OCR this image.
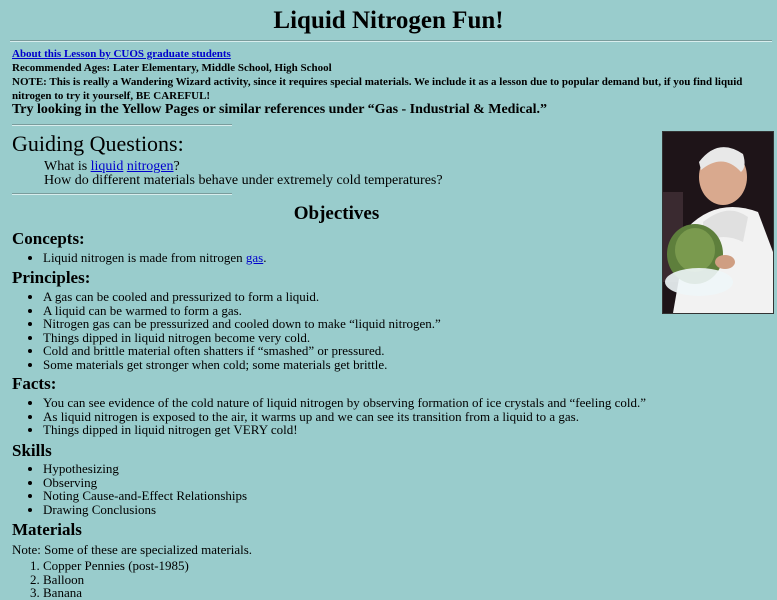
Liquid Nitrogen Fun!

About this Lesson by CUOS graduate students

Recommended Ages: Later Elementary, Middle School, High School

NOTE: This is really a Wandering Wizard activity, since it requires special materials. We include it as a lesson due to popular demand but, if you find liquid nitrogen to try it yourself, BE CAREFUL!

Try looking in the Yellow Pages or similar references under “Gas - Industrial & Medical.”
Guiding Questions:
What is liquid nitrogen?
How do different materials behave under extremely cold temperatures?
Objectives
Concepts:
• Liquid nitrogen is made from nitrogen gas.
Principles:
• A gas can be cooled and pressurized to form a liquid.
• A liquid can be warmed to form a gas.
• Nitrogen gas can be pressurized and cooled down to make “liquid nitrogen.”
• Things dipped in liquid nitrogen become very cold.
• Cold and brittle material often shatters if “smashed” or pressured.
• Some materials get stronger when cold; some materials get brittle.
Facts:
• You can see evidence of the cold nature of liquid nitrogen by observing formation of ice crystals and “feeling cold.”
• As liquid nitrogen is exposed to the air, it warms up and we can see its transition from a liquid to a gas.
• Things dipped in liquid nitrogen get VERY cold!
Skills
• Hypothesizing
• Observing
• Noting Cause-and-Effect Relationships
• Drawing Conclusions
Materials
Note: Some of these are specialized materials.
1. Copper Pennies (post-1985)
2. Balloon
3. Banana
